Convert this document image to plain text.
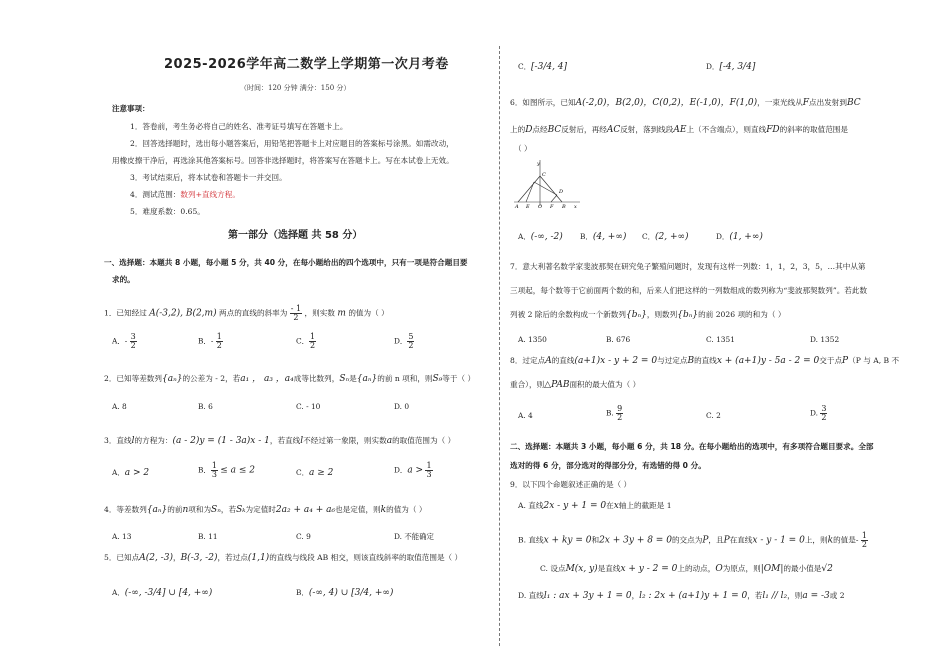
2025-2026学年高二数学上学期第一次月考卷
（时间：120 分钟 满分：150 分）
注意事项：
1．答卷前，考生务必将自己的姓名、准考证号填写在答题卡上。
2．回答选择题时，选出每小题答案后，用铅笔把答题卡上对应题目的答案标号涂黑。如需改动，
用橡皮擦干净后，再选涂其他答案标号。回答非选择题时，将答案写在答题卡上。写在本试卷上无效。
3．考试结束后，将本试卷和答题卡一并交回。
4．测试范围：数列+直线方程。
5．难度系数：0.65。
第一部分（选择题 共 58 分）
一、选择题：本题共 8 小题，每小题 5 分，共 40 分，在每小题给出的四个选项中，只有一项是符合题目要
求的。
1．已知经过 A(-3,2), B(2,m) 两点的直线的斜率为 $\frac{- 1}{2}$ ，则实数 m 的值为（ ）
A．- $\frac{3}{2}$	B．- $\frac{1}{2}$	C． $\frac{1}{2}$	D． $\frac{5}{2}$
2．已知等差数列{aₙ}的公差为 - 2，若a₁ ， a₃ ，a₄成等比数列，Sₙ是{aₙ}的前 n 项和，则S₉等于（ ）
A. 8	B. 6	C. - 10	D. 0
3．直线l的方程为：(a - 2)y = (1 - 3a)x - 1，若直线l不经过第一象限，则实数a的取值范围为（ ）
A．a > 2	B． $\frac{1}{3} \le a \le 2$	C．a ≥ 2	D．$a > \frac{1}{3}$
4．等差数列{aₙ}的前n项和为Sₙ，若Sₖ为定值时2a₂ + a₄ + a₆也是定值，则k的值为（ ）
A. 13	B. 11	C. 9	D. 不能确定
5．已知点A(2, -3)，B(-3, -2)，若过点(1,1)的直线与线段 AB 相交，则该直线斜率的取值范围是（ ）
A．(-∞, -3/4] ∪ [4, +∞)	B．(-∞, 4) ∪ [3/4, +∞)
C．[-3/4, 4]	D．[-4, 3/4]
6．如图所示，已知A(-2,0)，B(2,0)，C(0,2)，E(-1,0)，F(1,0)，一束光线从F点出发射到BC
上的D点经BC反射后，再经AC反射，落到线段AE上（不含端点），则直线FD的斜率的取值范围是
（ ）
y
C
D
A E O F B x
A．(-∞, -2) B．(4, +∞) C．(2, +∞)	D．(1, +∞)
7．意大利著名数学家斐波那契在研究兔子繁殖问题时，发现有这样一列数：1，1，2，3，5，…其中从第
三项起，每个数等于它前面两个数的和，后来人们把这样的一列数组成的数列称为“斐波那契数列”。若此数
列被 2 除后的余数构成一个新数列{bₙ}，则数列{bₙ}的前 2026 项的和为（ ）
A. 1350	B. 676	C. 1351	D. 1352
8．过定点A的直线(a+1)x - y + 2 = 0与过定点B的直线x + (a+1)y - 5a - 2 = 0交于点P（P 与 A, B 不
重合），则△PAB面积的最大值为（ ）
A. 4	B. $\frac{9}{2}$	C. 2	D. $\frac{3}{2}$
二、选择题：本题共 3 小题，每小题 6 分，共 18 分。在每小题给出的选项中，有多项符合题目要求。全部
选对的得 6 分，部分选对的得部分分，有选错的得 0 分。
9．以下四个命题叙述正确的是（ ）
A. 直线2x - y + 1 = 0在x轴上的截距是 1
B. 直线x + ky = 0和2x + 3y + 8 = 0的交点为P，且P在直线x - y - 1 = 0上，则k的值是- $\frac{1}{2}$
C. 设点M(x, y)是直线x + y - 2 = 0上的动点，O为原点，则|OM|的最小值是√2
D. 直线l₁ : ax + 3y + 1 = 0，l₂ : 2x + (a+1)y + 1 = 0，若l₁ // l₂，则a = -3或 2
